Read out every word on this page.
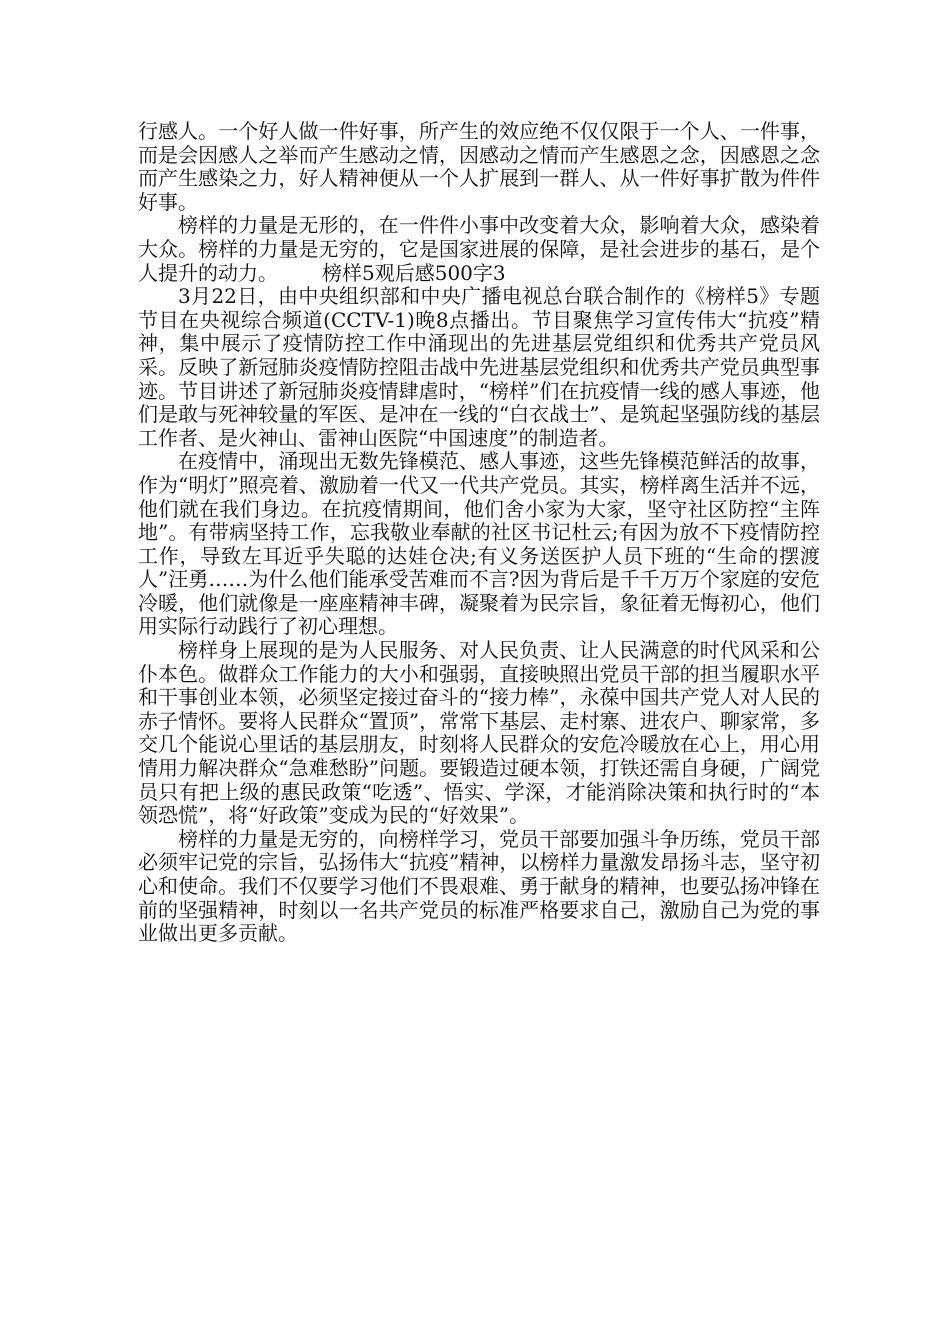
行感人。一个好人做一件好事，所产生的效应绝不仅仅限于一个人、一件事，而是会因感人之举而产生感动之情，因感动之情而产生感恩之念，因感恩之念而产生感染之力，好人精神便从一个人扩展到一群人、从一件好事扩散为件件好事。

榜样的力量是无形的，在一件件小事中改变着大众，影响着大众，感染着大众。榜样的力量是无穷的，它是国家进展的保障，是社会进步的基石，是个人提升的动力。 榜样5观后感500字3

3月22日，由中央组织部和中央广播电视总台联合制作的《榜样5》专题节目在央视综合频道(CCTV-1)晚8点播出。节目聚焦学习宣传伟大“抗疫”精神，集中展示了疫情防控工作中涌现出的先进基层党组织和优秀共产党员风采。反映了新冠肺炎疫情防控阻击战中先进基层党组织和优秀共产党员典型事迹。节目讲述了新冠肺炎疫情肆虐时，“榜样”们在抗疫情一线的感人事迹，他们是敢与死神较量的军医、是冲在一线的“白衣战士”、是筑起坚强防线的基层工作者、是火神山、雷神山医院“中国速度”的制造者。

在疫情中，涌现出无数先锋模范、感人事迹，这些先锋模范鲜活的故事，作为“明灯”照亮着、激励着一代又一代共产党员。其实，榜样离生活并不远，他们就在我们身边。在抗疫情期间，他们舍小家为大家，坚守社区防控“主阵地”。有带病坚持工作，忘我敬业奉献的社区书记杜云;有因为放不下疫情防控工作，导致左耳近乎失聪的达娃仓决;有义务送医护人员下班的“生命的摆渡人”汪勇……为什么他们能承受苦难而不言?因为背后是千千万万个家庭的安危冷暖，他们就像是一座座精神丰碑，凝聚着为民宗旨，象征着无悔初心，他们用实际行动践行了初心理想。

榜样身上展现的是为人民服务、对人民负责、让人民满意的时代风采和公仆本色。做群众工作能力的大小和强弱，直接映照出党员干部的担当履职水平和干事创业本领，必须坚定接过奋斗的“接力棒”，永葆中国共产党人对人民的赤子情怀。要将人民群众“置顶”，常常下基层、走村寨、进农户、聊家常，多交几个能说心里话的基层朋友，时刻将人民群众的安危冷暖放在心上，用心用情用力解决群众“急难愁盼”问题。要锻造过硬本领，打铁还需自身硬，广阔党员只有把上级的惠民政策“吃透”、悟实、学深，才能消除决策和执行时的“本领恐慌”，将“好政策”变成为民的“好效果”。

榜样的力量是无穷的，向榜样学习，党员干部要加强斗争历练，党员干部必须牢记党的宗旨，弘扬伟大“抗疫”精神，以榜样力量激发昂扬斗志，坚守初心和使命。我们不仅要学习他们不畏艰难、勇于献身的精神，也要弘扬冲锋在前的坚强精神，时刻以一名共产党员的标准严格要求自己，激励自己为党的事业做出更多贡献。
